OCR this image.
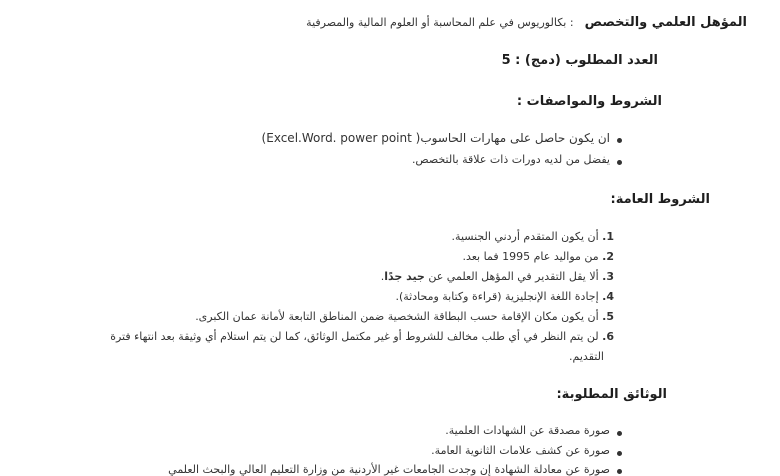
المؤهل العلمي والتخصص : بكالوريوس في علم المحاسبة أو العلوم المالية والمصرفية
العدد المطلوب (دمج) : 5
الشروط والمواصفات :
ان يكون حاصل على مهارات الحاسوب( Excel.Word. power point)
يفضل من لديه دورات ذات علاقة بالتخصص.
الشروط العامة:
1. أن يكون المتقدم أردني الجنسية.
2. من مواليد عام 1995 فما بعد.
3. ألا يقل التقدير في المؤهل العلمي عن جيد جدًا.
4. إجادة اللغة الإنجليزية (قراءة وكتابة ومحادثة).
5. أن يكون مكان الإقامة حسب البطاقة الشخصية ضمن المناطق التابعة لأمانة عمان الكبرى.
6. لن يتم النظر في أي طلب مخالف للشروط أو غير مكتمل الوثائق، كما لن يتم استلام أي وثيقة بعد انتهاء فترة
التقديم.
الوثائق المطلوبة:
صورة مصدقة عن الشهادات العلمية.
صورة عن كشف علامات الثانوية العامة.
صورة عن معادلة الشهادة إن وجدت الجامعات غير الأردنية من وزارة التعليم العالي والبحث العلمي
